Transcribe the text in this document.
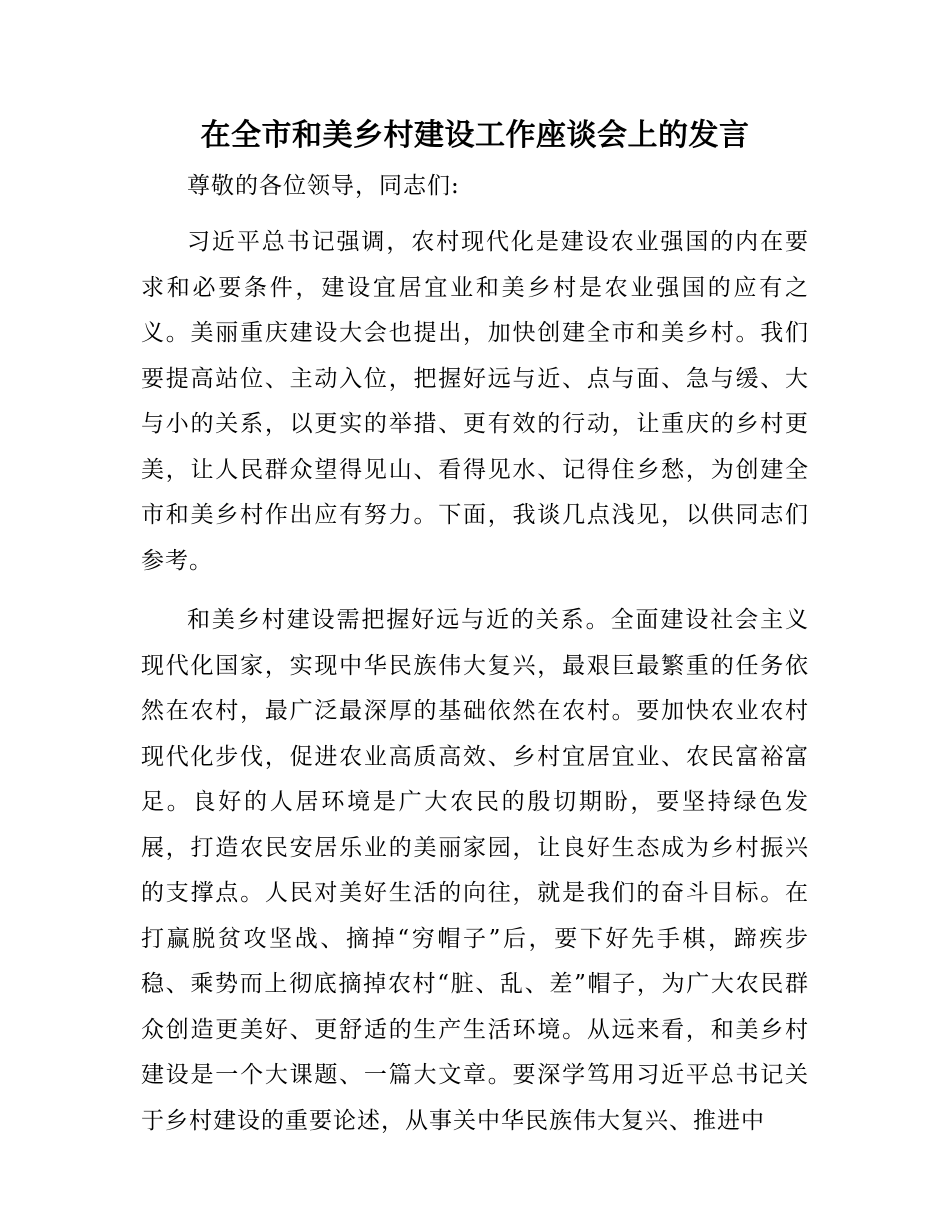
在全市和美乡村建设工作座谈会上的发言

尊敬的各位领导，同志们:

习近平总书记强调，农村现代化是建设农业强国的内在要求和必要条件，建设宜居宜业和美乡村是农业强国的应有之义。美丽重庆建设大会也提出，加快创建全市和美乡村。我们要提高站位、主动入位，把握好远与近、点与面、急与缓、大与小的关系，以更实的举措、更有效的行动，让重庆的乡村更美，让人民群众望得见山、看得见水、记得住乡愁，为创建全市和美乡村作出应有努力。下面，我谈几点浅见，以供同志们参考。

和美乡村建设需把握好远与近的关系。全面建设社会主义现代化国家，实现中华民族伟大复兴，最艰巨最繁重的任务依然在农村，最广泛最深厚的基础依然在农村。要加快农业农村现代化步伐，促进农业高质高效、乡村宜居宜业、农民富裕富足。良好的人居环境是广大农民的殷切期盼，要坚持绿色发展，打造农民安居乐业的美丽家园，让良好生态成为乡村振兴的支撑点。人民对美好生活的向往，就是我们的奋斗目标。在打赢脱贫攻坚战、摘掉“穷帽子”后，要下好先手棋，蹄疾步稳、乘势而上彻底摘掉农村“脏、乱、差”帽子，为广大农民群众创造更美好、更舒适的生产生活环境。从远来看，和美乡村建设是一个大课题、一篇大文章。要深学笃用习近平总书记关于乡村建设的重要论述，从事关中华民族伟大复兴、推进中
